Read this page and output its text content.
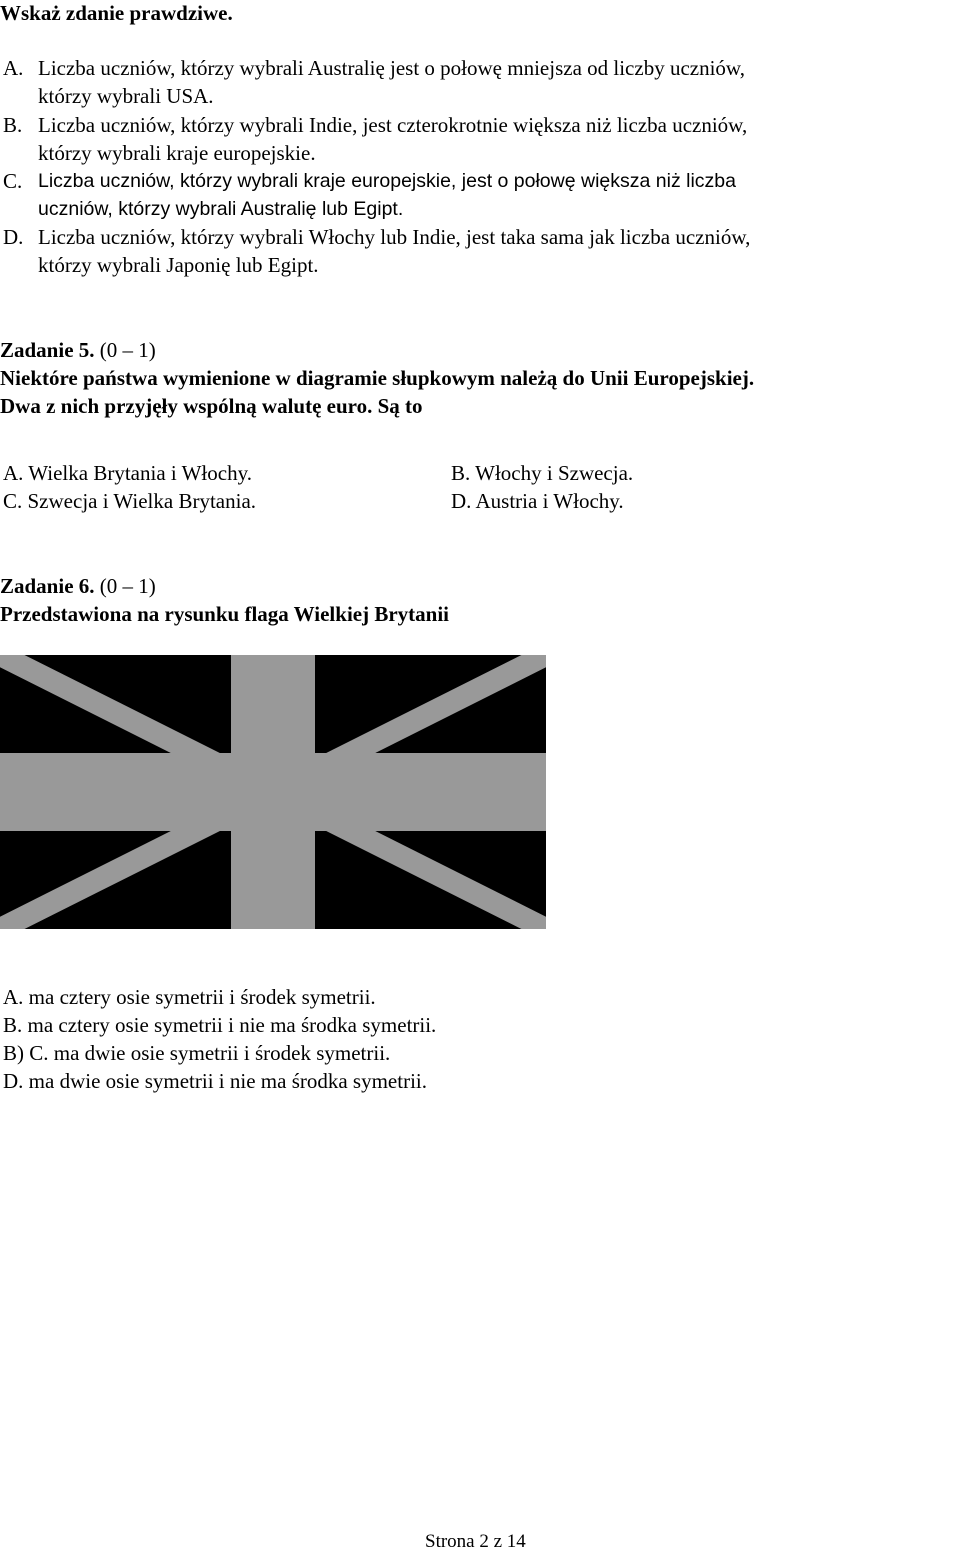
Wskaż zdanie prawdziwe.
A. Liczba uczniów, którzy wybrali Australię jest o połowę mniejsza od liczby uczniów,
którzy wybrali USA.
B. Liczba uczniów, którzy wybrali Indie, jest czterokrotnie większa niż liczba uczniów,
którzy wybrali kraje europejskie.
C. Liczba uczniów, którzy wybrali kraje europejskie, jest o połowę większa niż liczba
uczniów, którzy wybrali Australię lub Egipt.
D. Liczba uczniów, którzy wybrali Włochy lub Indie, jest taka sama jak liczba uczniów,
którzy wybrali Japonię lub Egipt.
Zadanie 5. (0 – 1)
Niektóre państwa wymienione w diagramie słupkowym należą do Unii Europejskiej.
Dwa z nich przyjęły wspólną walutę euro. Są to
A. Wielka Brytania i Włochy.	B. Włochy i Szwecja.
C. Szwecja i Wielka Brytania.	D. Austria i Włochy.
Zadanie 6. (0 – 1)
Przedstawiona na rysunku flaga Wielkiej Brytanii
A. ma cztery osie symetrii i środek symetrii.
B. ma cztery osie symetrii i nie ma środka symetrii.
B) C. ma dwie osie symetrii i środek symetrii.
D. ma dwie osie symetrii i nie ma środka symetrii.
Strona 2 z 14
